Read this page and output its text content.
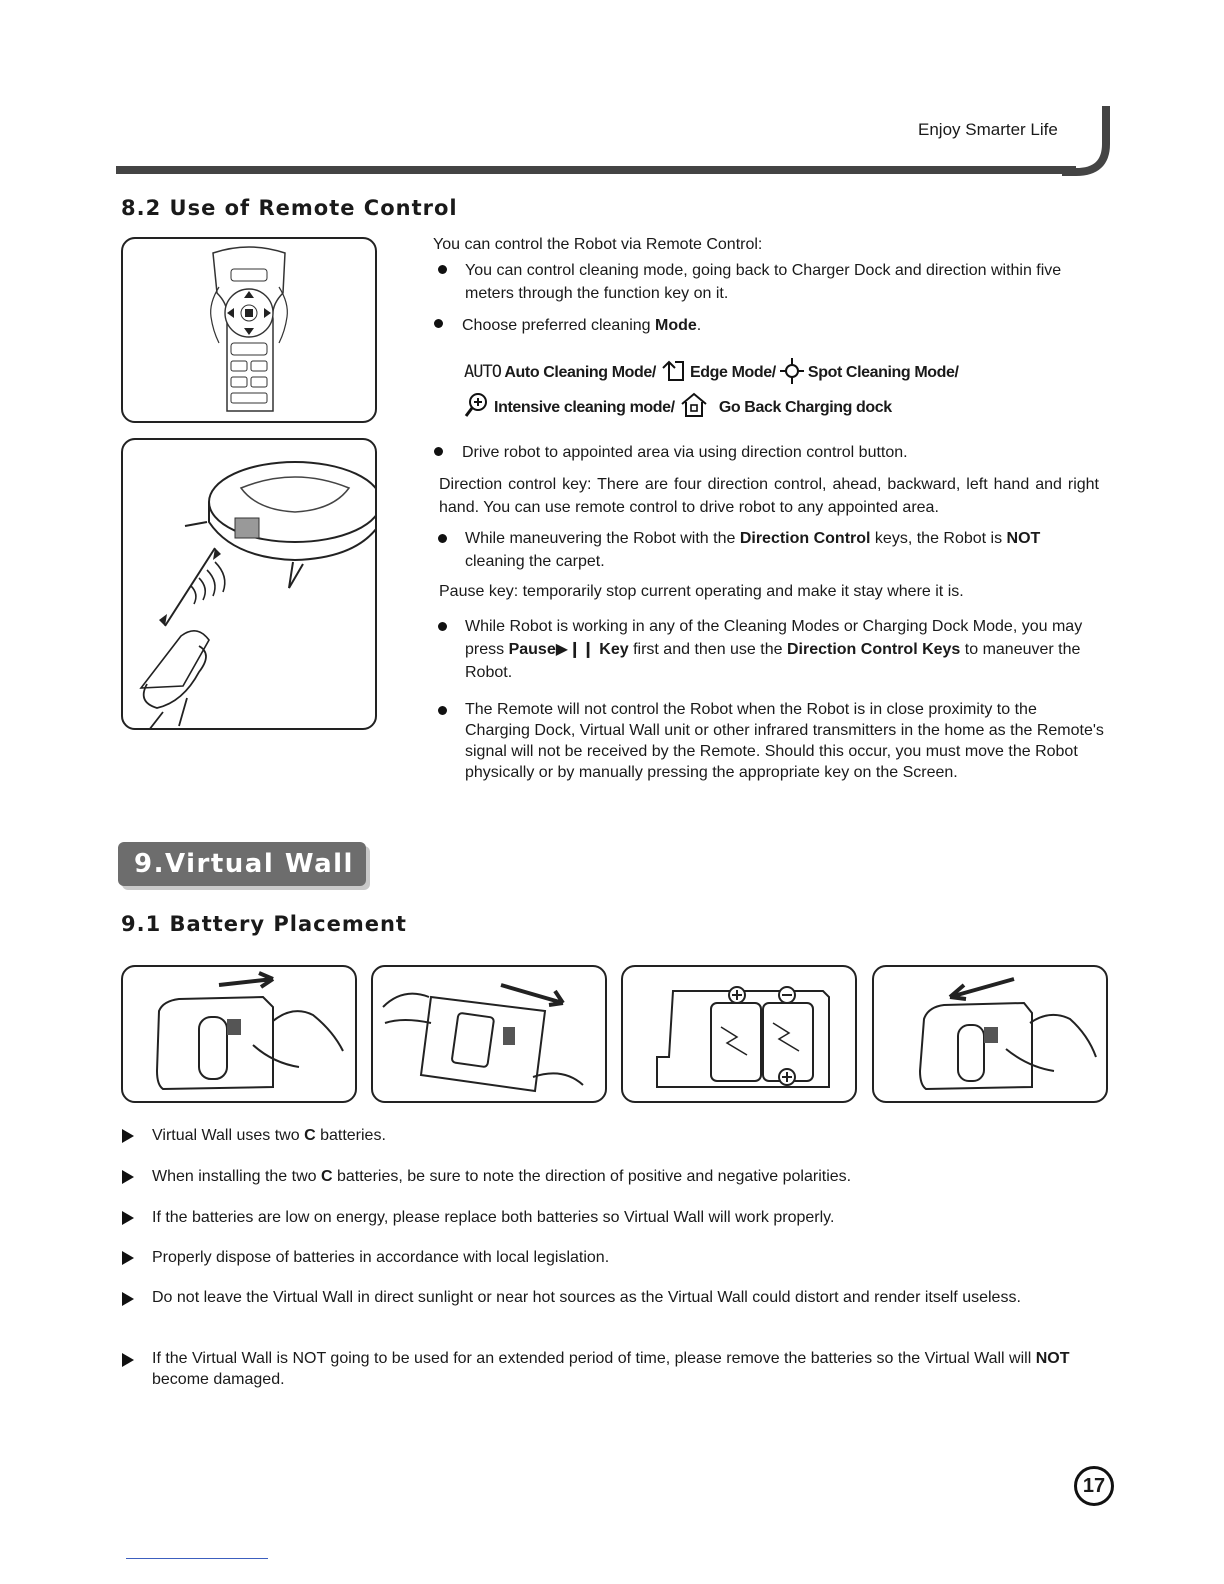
Enjoy Smarter Life
8.2 Use of Remote Control
You can control the Robot via Remote Control:
You can control cleaning mode, going back to Charger Dock and direction within five meters through the function key on it.
Choose preferred cleaning Mode.
AUTO Auto Cleaning Mode/ Edge Mode/ Spot Cleaning Mode/
Intensive cleaning mode/	Go Back Charging dock
Drive robot to appointed area via using direction control button.
Direction control key: There are four direction control, ahead, backward, left hand and right hand. You can use remote control to drive robot to any appointed area.
While maneuvering the Robot with the Direction Control keys, the Robot is NOT cleaning the carpet.
Pause key: temporarily stop current operating and make it stay where it is.
While Robot is working in any of the Cleaning Modes or Charging Dock Mode, you may press Pause▶❙❙ Key first and then use the Direction Control Keys to maneuver the Robot.
The Remote will not control the Robot when the Robot is in close proximity to the Charging Dock, Virtual Wall unit or other infrared transmitters in the home as the Remote's signal will not be received by the Remote. Should this occur, you must move the Robot physically or by manually pressing the appropriate key on the Screen.
9.Virtual Wall
9.1 Battery Placement
Virtual Wall uses two C batteries.
When installing the two C batteries, be sure to note the direction of positive and negative polarities.
If the batteries are low on energy, please replace both batteries so Virtual Wall will work properly.
Properly dispose of batteries in accordance with local legislation.
Do not leave the Virtual Wall in direct sunlight or near hot sources as the Virtual Wall could distort and render itself useless.
If the Virtual Wall is NOT going to be used for an extended period of time, please remove the batteries so the Virtual Wall will NOT become damaged.
17
